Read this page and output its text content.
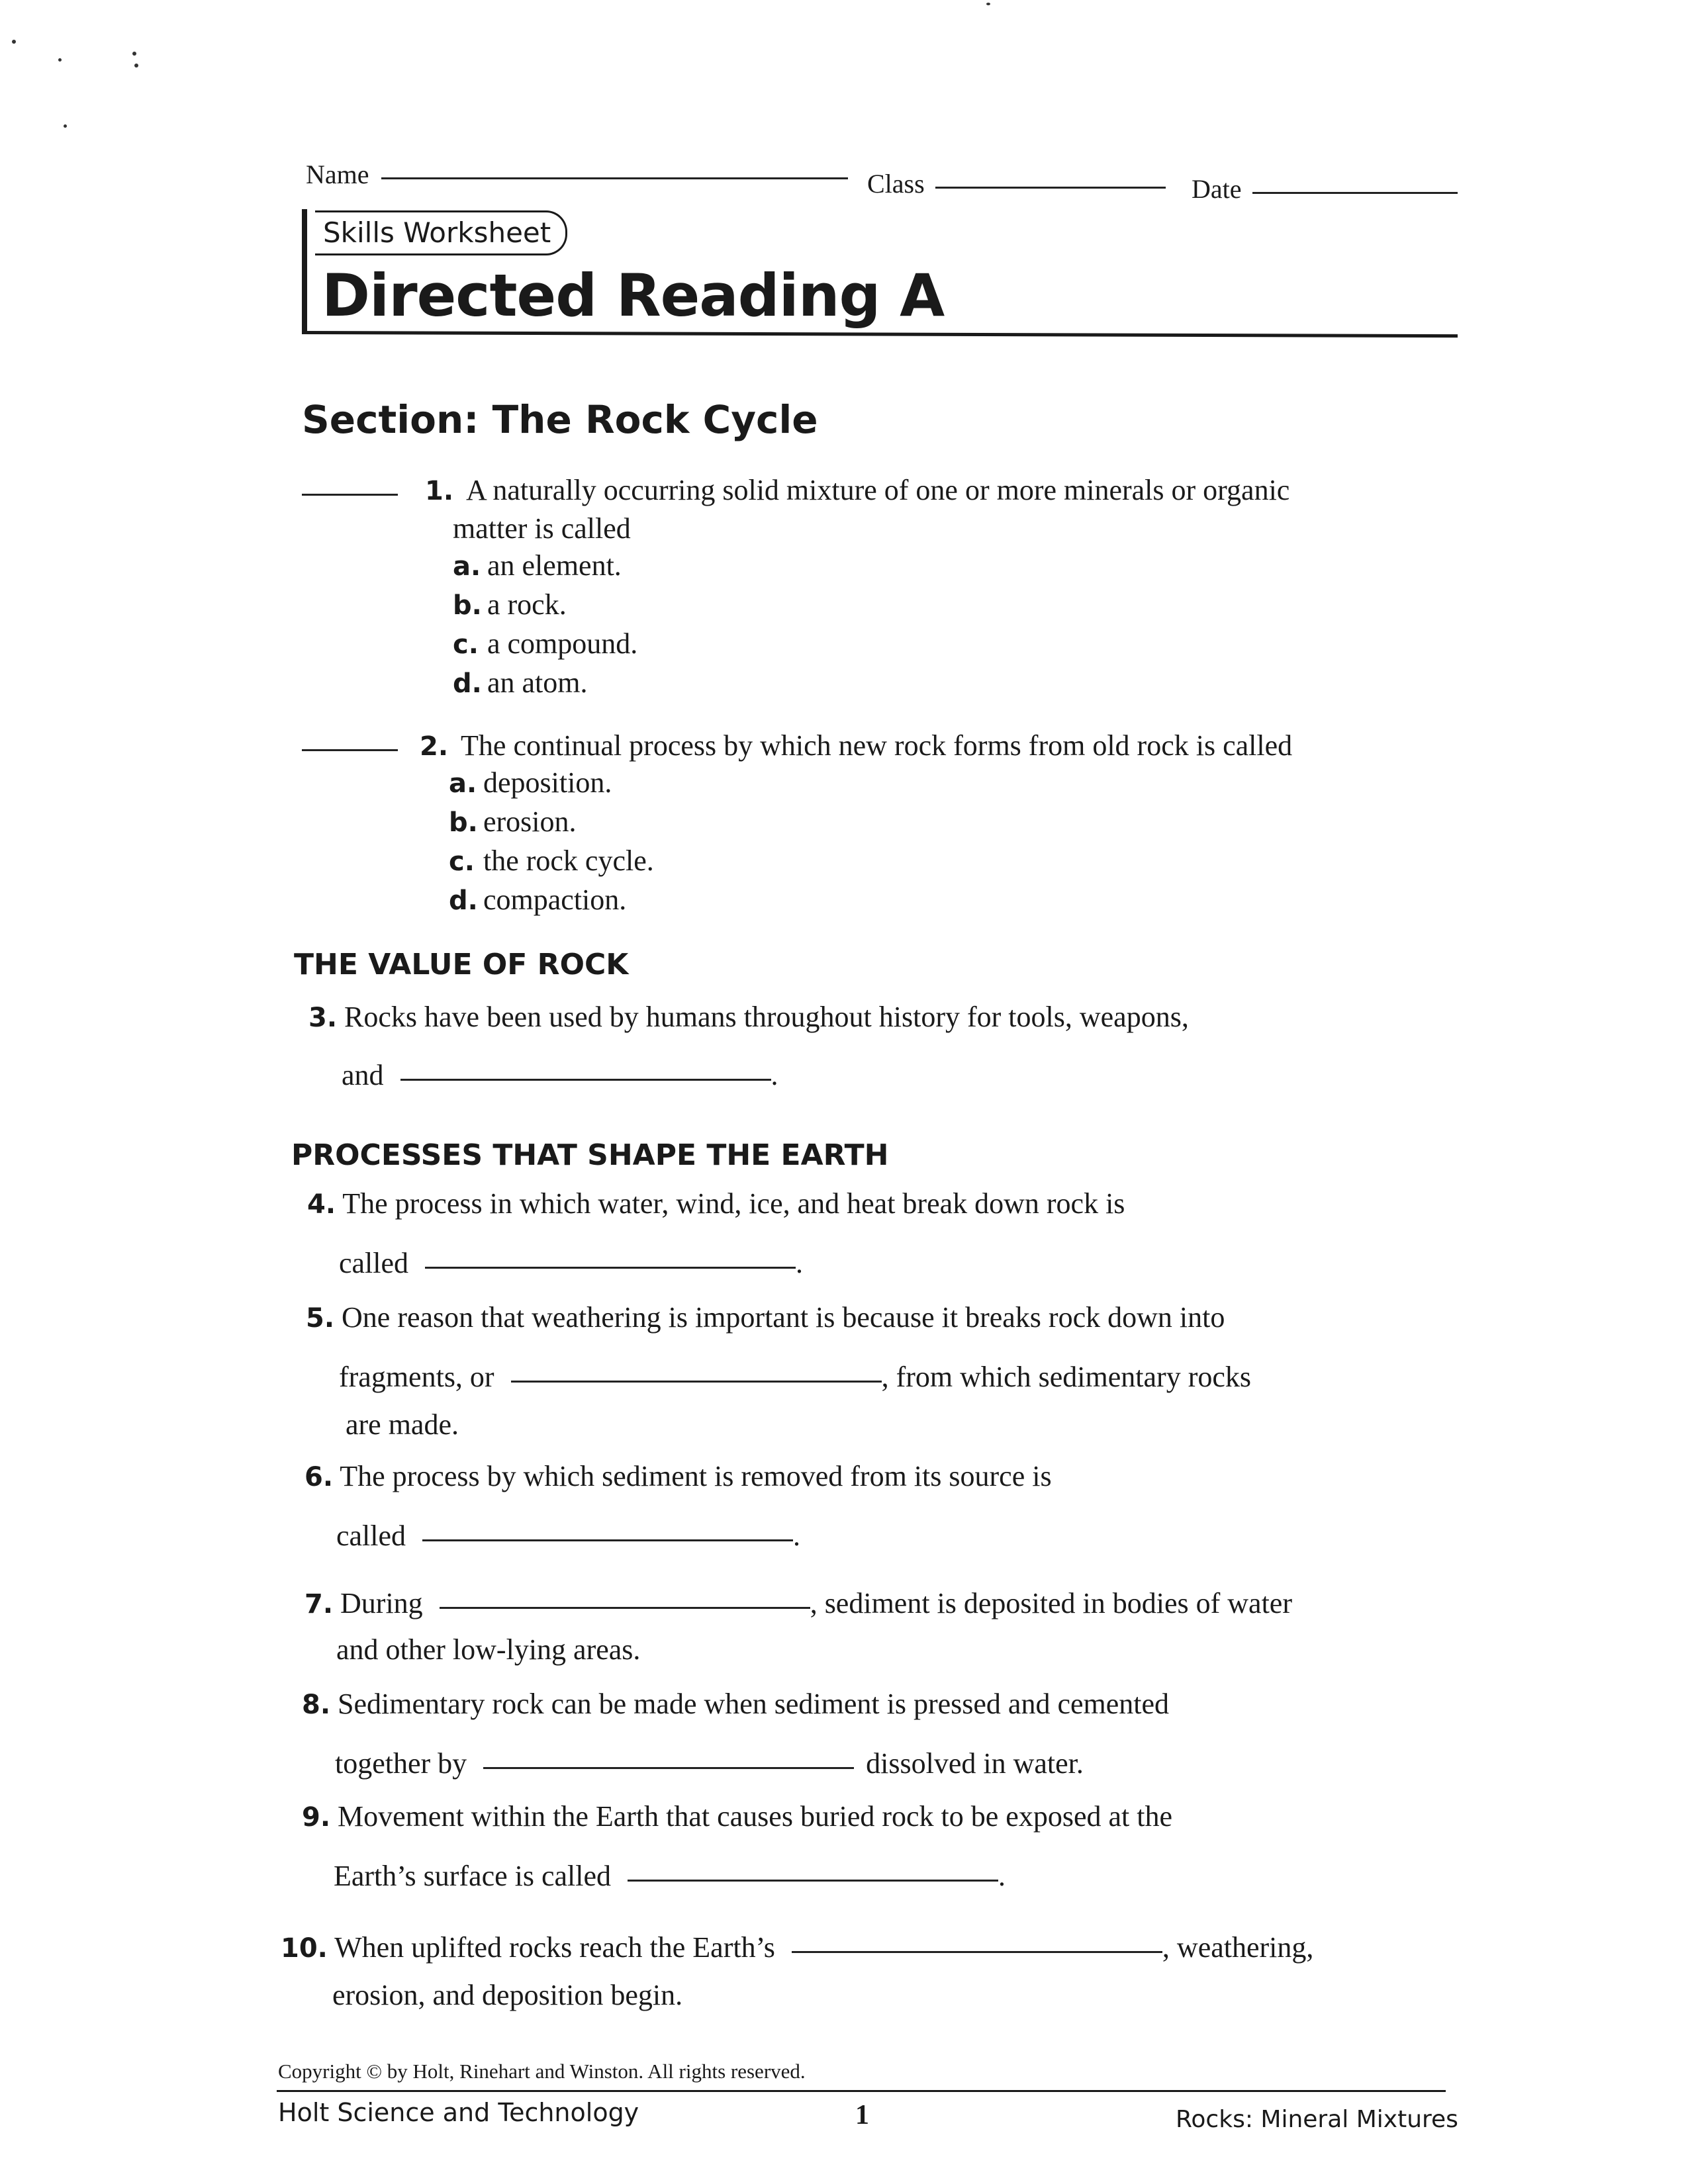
Name	Class	Date
Skills Worksheet
Directed Reading A
Section: The Rock Cycle
1. A naturally occurring solid mixture of one or more minerals or organic
matter is called
a. an element.
b. a rock.
c. a compound.
d. an atom.
2. The continual process by which new rock forms from old rock is called
a. deposition.
b. erosion.
c. the rock cycle.
d. compaction.
THE VALUE OF ROCK
3. Rocks have been used by humans throughout history for tools, weapons,
and	.
PROCESSES THAT SHAPE THE EARTH
4. The process in which water, wind, ice, and heat break down rock is
called	.
5. One reason that weathering is important is because it breaks rock down into
fragments, or	, from which sedimentary rocks
are made.
6. The process by which sediment is removed from its source is
called	.
7. During	, sediment is deposited in bodies of water
and other low-lying areas.
8. Sedimentary rock can be made when sediment is pressed and cemented
together by	dissolved in water.
9. Movement within the Earth that causes buried rock to be exposed at the
Earth’s surface is called	.
10. When uplifted rocks reach the Earth’s	, weathering,
erosion, and deposition begin.
Copyright © by Holt, Rinehart and Winston. All rights reserved.
Holt Science and Technology	1	Rocks: Mineral Mixtures
